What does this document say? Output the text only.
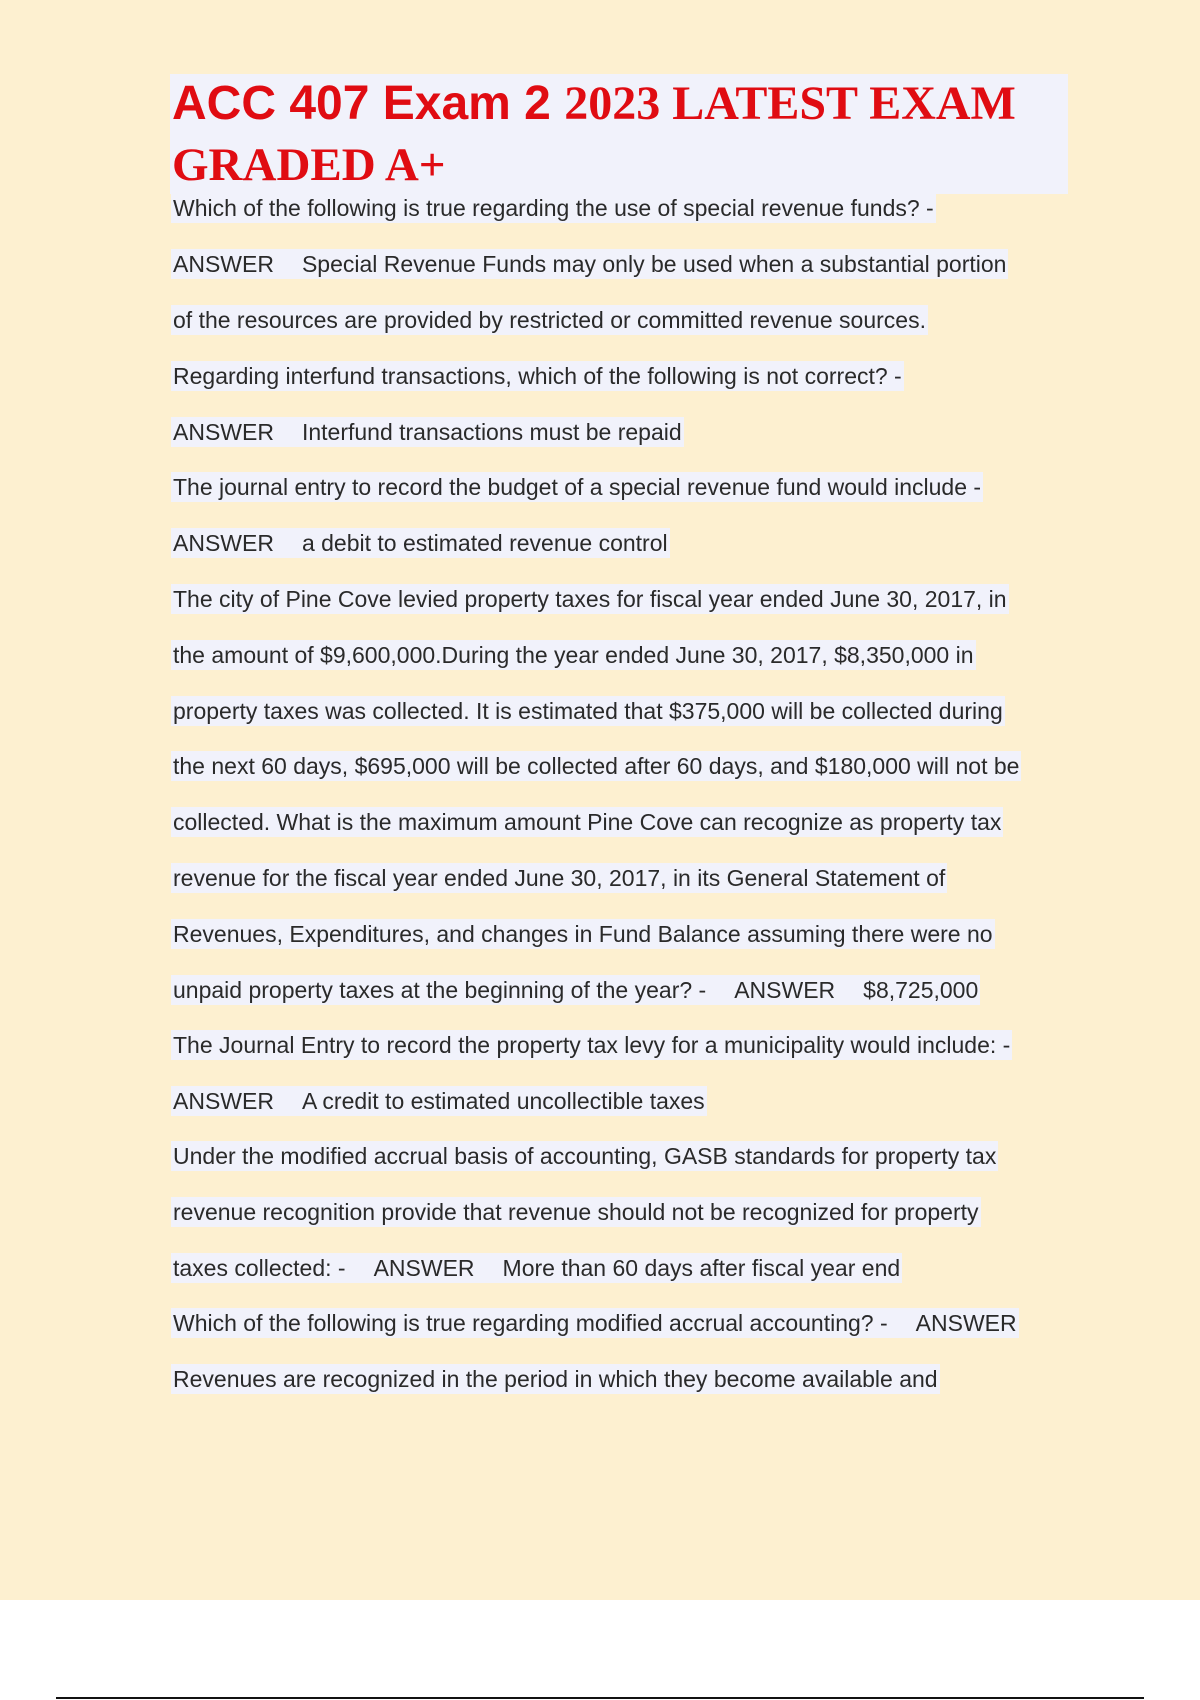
ACC 407 Exam 2 2023 LATEST EXAM
GRADED A+
Which of the following is true regarding the use of special revenue funds? -
ANSWER Special Revenue Funds may only be used when a substantial portion
of the resources are provided by restricted or committed revenue sources.
Regarding interfund transactions, which of the following is not correct? -
ANSWER Interfund transactions must be repaid
The journal entry to record the budget of a special revenue fund would include -
ANSWER a debit to estimated revenue control
The city of Pine Cove levied property taxes for fiscal year ended June 30, 2017, in
the amount of $9,600,000.During the year ended June 30, 2017, $8,350,000 in
property taxes was collected. It is estimated that $375,000 will be collected during
the next 60 days, $695,000 will be collected after 60 days, and $180,000 will not be
collected. What is the maximum amount Pine Cove can recognize as property tax
revenue for the fiscal year ended June 30, 2017, in its General Statement of
Revenues, Expenditures, and changes in Fund Balance assuming there were no
unpaid property taxes at the beginning of the year? - ANSWER $8,725,000
The Journal Entry to record the property tax levy for a municipality would include: -
ANSWER A credit to estimated uncollectible taxes
Under the modified accrual basis of accounting, GASB standards for property tax
revenue recognition provide that revenue should not be recognized for property
taxes collected: - ANSWER More than 60 days after fiscal year end
Which of the following is true regarding modified accrual accounting? - ANSWER
Revenues are recognized in the period in which they become available and
